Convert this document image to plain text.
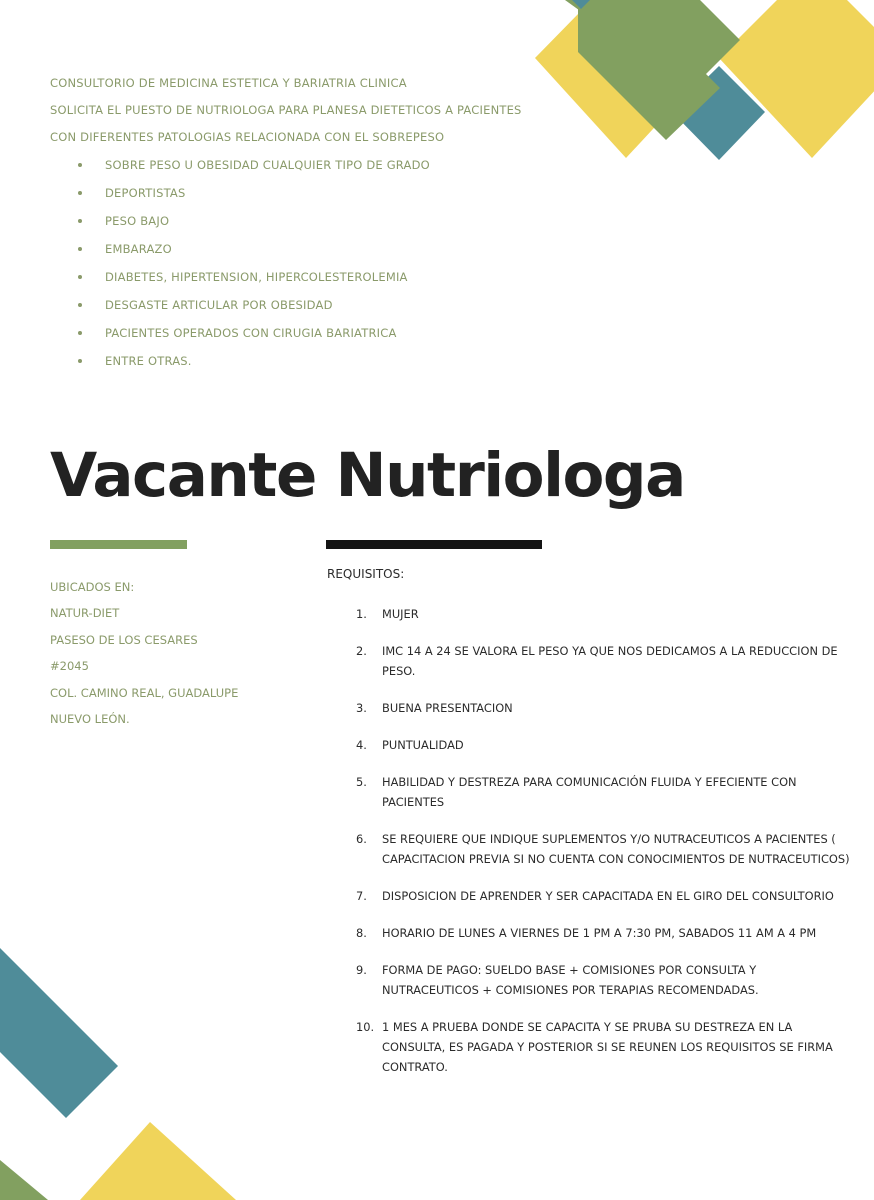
CONSULTORIO DE MEDICINA ESTETICA Y BARIATRIA CLINICA

SOLICITA EL PUESTO DE NUTRIOLOGA PARA PLANESA DIETETICOS A PACIENTES

CON DIFERENTES PATOLOGIAS RELACIONADA CON EL SOBREPESO

SOBRE PESO U OBESIDAD CUALQUIER TIPO DE GRADO
DEPORTISTAS
PESO BAJO
EMBARAZO
DIABETES, HIPERTENSION, HIPERCOLESTEROLEMIA
DESGASTE ARTICULAR POR OBESIDAD
PACIENTES OPERADOS CON CIRUGIA BARIATRICA
ENTRE OTRAS.
Vacante Nutriologa
UBICADOS EN:
NATUR-DIET
PASESO DE LOS CESARES
#2045
COL. CAMINO REAL, GUADALUPE
NUEVO LEÓN.
REQUISITOS:
1.	MUJER
2.	IMC 14 A 24 SE VALORA EL PESO YA QUE NOS DEDICAMOS A LA REDUCCION DE PESO.
3.	BUENA PRESENTACION
4.	PUNTUALIDAD
5.	HABILIDAD Y DESTREZA PARA COMUNICACIÓN FLUIDA Y EFECIENTE CON PACIENTES
6.	SE REQUIERE QUE INDIQUE SUPLEMENTOS Y/O NUTRACEUTICOS A PACIENTES ( CAPACITACION PREVIA SI NO CUENTA CON CONOCIMIENTOS DE NUTRACEUTICOS)
7.	DISPOSICION DE APRENDER Y SER CAPACITADA EN EL GIRO DEL CONSULTORIO
8.	HORARIO DE LUNES A VIERNES DE 1 PM A 7:30 PM, SABADOS 11 AM A 4 PM
9.	FORMA DE PAGO: SUELDO BASE + COMISIONES POR CONSULTA Y NUTRACEUTICOS + COMISIONES POR TERAPIAS RECOMENDADAS.
10. 1 MES A PRUEBA DONDE SE CAPACITA Y SE PRUBA SU DESTREZA EN LA CONSULTA, ES PAGADA Y POSTERIOR SI SE REUNEN LOS REQUISITOS SE FIRMA CONTRATO.
